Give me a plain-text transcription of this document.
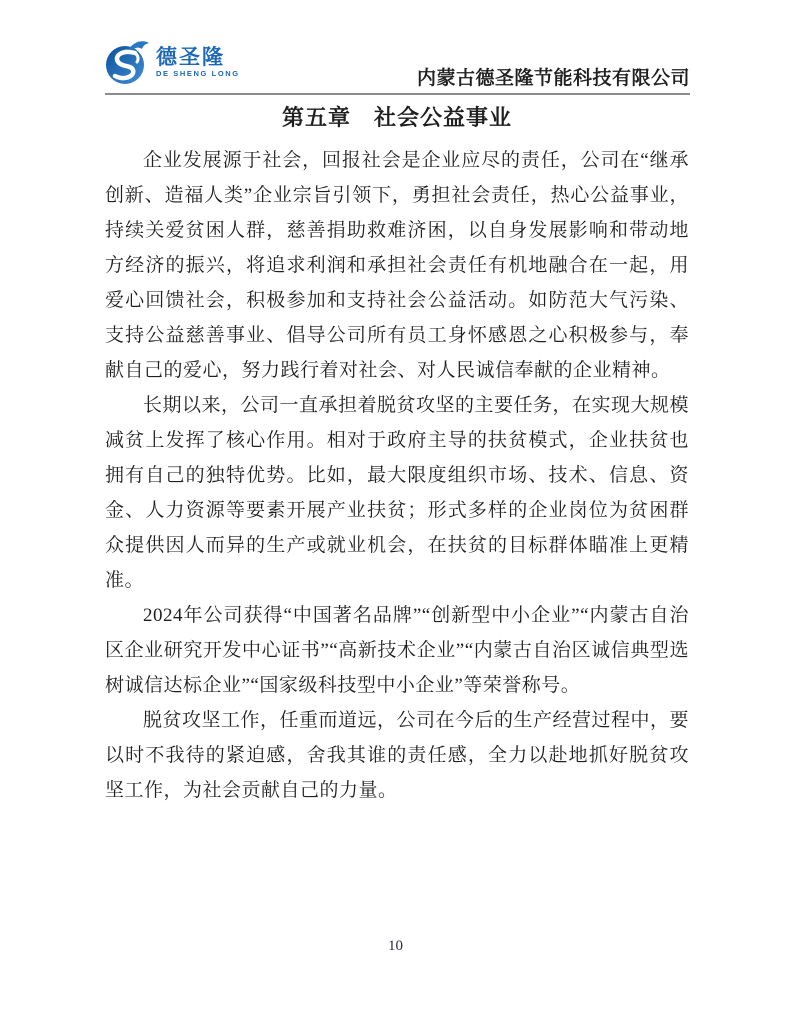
德圣隆
DE SHENG LONG	内蒙古德圣隆节能科技有限公司
第五章　社会公益事业

企业发展源于社会，回报社会是企业应尽的责任，公司在“继承创新、造福人类”企业宗旨引领下，勇担社会责任，热心公益事业，持续关爱贫困人群，慈善捐助救难济困，以自身发展影响和带动地方经济的振兴，将追求利润和承担社会责任有机地融合在一起，用爱心回馈社会，积极参加和支持社会公益活动。如防范大气污染、支持公益慈善事业、倡导公司所有员工身怀感恩之心积极参与，奉献自己的爱心，努力践行着对社会、对人民诚信奉献的企业精神。

长期以来，公司一直承担着脱贫攻坚的主要任务，在实现大规模减贫上发挥了核心作用。相对于政府主导的扶贫模式，企业扶贫也拥有自己的独特优势。比如，最大限度组织市场、技术、信息、资金、人力资源等要素开展产业扶贫；形式多样的企业岗位为贫困群众提供因人而异的生产或就业机会，在扶贫的目标群体瞄准上更精准。

2024年公司获得“中国著名品牌”“创新型中小企业”“内蒙古自治区企业研究开发中心证书”“高新技术企业”“内蒙古自治区诚信典型选树诚信达标企业”“国家级科技型中小企业”等荣誉称号。

脱贫攻坚工作，任重而道远，公司在今后的生产经营过程中，要以时不我待的紧迫感，舍我其谁的责任感，全力以赴地抓好脱贫攻坚工作，为社会贡献自己的力量。

10
